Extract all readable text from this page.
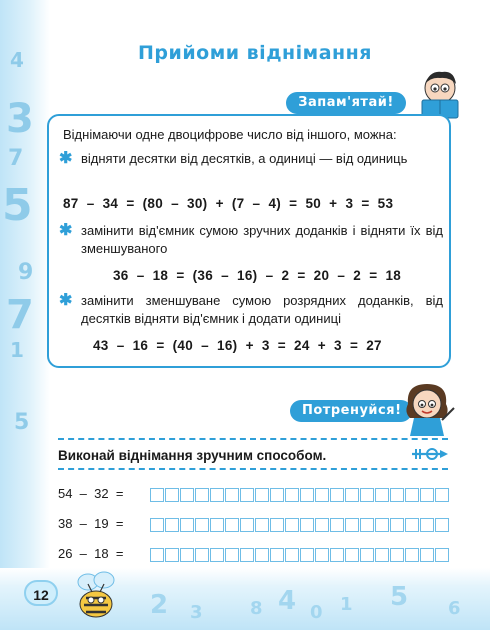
4
3
7
5
9
7
1
5
2 3	8 4 0 1 5 6
Прийоми віднімання
Запам'ятай!
Віднімаючи одне двоцифрове число від іншого, можна:
✱ відняти десятки від десятків, а одиниці — від одиниць
87  –  34  =  (80  –  30)  +  (7  –  4)  =  50  +  3  =  53
✱ замінити від'ємник сумою зручних доданків і відняти їх від зменшуваного
36  –  18  =  (36  –  16)  –  2  =  20  –  2  =  18
✱ замінити зменшуване сумою розрядних доданків, від десятків відняти від'ємник і додати одиниці
43  –  16  =  (40  –  16)  +  3  =  24  +  3  =  27
Потренуйся!
Виконай віднімання зручним способом.
54  –  32  =
38  –  19  =
26  –  18  =
12
